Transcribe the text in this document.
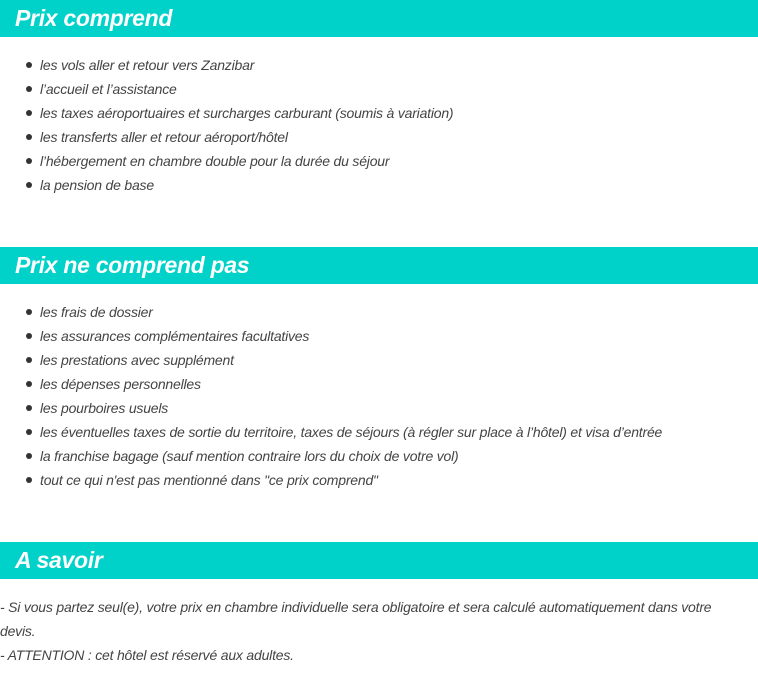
Prix comprend
les vols aller et retour vers Zanzibar
l’accueil et l’assistance
les taxes aéroportuaires et surcharges carburant (soumis à variation)
les transferts aller et retour aéroport/hôtel
l’hébergement en chambre double pour la durée du séjour
la pension de base
Prix ne comprend pas
les frais de dossier
les assurances complémentaires facultatives
les prestations avec supplément
les dépenses personnelles
les pourboires usuels
les éventuelles taxes de sortie du territoire, taxes de séjours (à régler sur place à l’hôtel) et visa d’entrée
la franchise bagage (sauf mention contraire lors du choix de votre vol)
tout ce qui n'est pas mentionné dans "ce prix comprend"
A savoir

- Si vous partez seul(e), votre prix en chambre individuelle sera obligatoire et sera calculé automatiquement dans votre devis.

- ATTENTION : cet hôtel est réservé aux adultes.
